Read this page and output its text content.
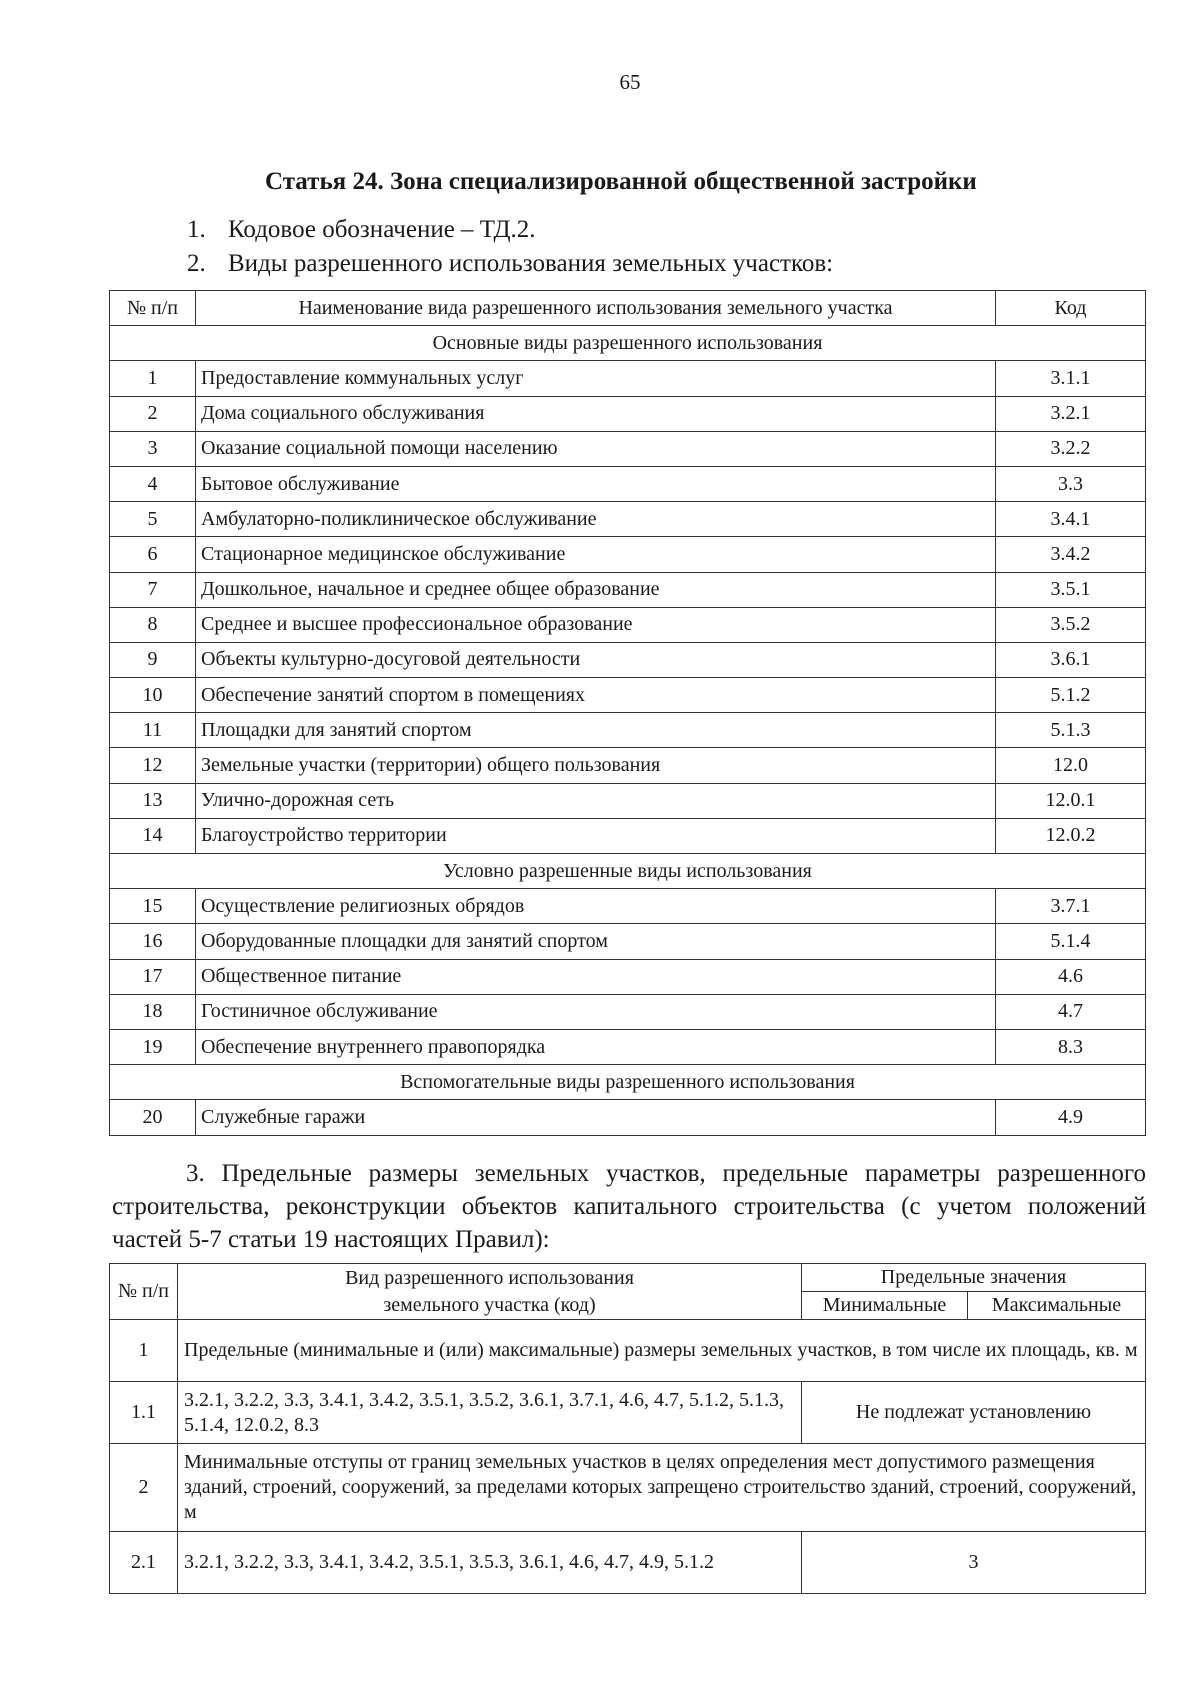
65
Статья 24. Зона специализированной общественной застройки
1. Кодовое обозначение – ТД.2.
2. Виды разрешенного использования земельных участков:
№ п/п	Наименование вида разрешенного использования земельного участка	Код
Основные виды разрешенного использования		
1	Предоставление коммунальных услуг	3.1.1
2	Дома социального обслуживания	3.2.1
3	Оказание социальной помощи населению	3.2.2
4	Бытовое обслуживание	3.3
5	Амбулаторно-поликлиническое обслуживание	3.4.1
6	Стационарное медицинское обслуживание	3.4.2
7	Дошкольное, начальное и среднее общее образование	3.5.1
8	Среднее и высшее профессиональное образование	3.5.2
9	Объекты культурно-досуговой деятельности	3.6.1
10	Обеспечение занятий спортом в помещениях	5.1.2
11	Площадки для занятий спортом	5.1.3
12	Земельные участки (территории) общего пользования	12.0
13	Улично-дорожная сеть	12.0.1
14	Благоустройство территории	12.0.2
Условно разрешенные виды использования		
15	Осуществление религиозных обрядов	3.7.1
16	Оборудованные площадки для занятий спортом	5.1.4
17	Общественное питание	4.6
18	Гостиничное обслуживание	4.7
19	Обеспечение внутреннего правопорядка	8.3
Вспомогательные виды разрешенного использования		
20	Служебные гаражи	4.9
3. Предельные размеры земельных участков, предельные параметры разрешенного строительства, реконструкции объектов капитального строительства (с учетом положений частей 5-7 статьи 19 настоящих Правил):
№ п/п	Вид разрешенного использования земельного участка (код)	Предельные значения	
		Минимальные	Максимальные
1	Предельные (минимальные и (или) максимальные) размеры земельных участков, в том числе их площадь, кв. м		
1.1	3.2.1, 3.2.2, 3.3, 3.4.1, 3.4.2, 3.5.1, 3.5.2, 3.6.1, 3.7.1, 4.6, 4.7, 5.1.2, 5.1.3, 5.1.4, 12.0.2, 8.3	Не подлежат установлению	
2	Минимальные отступы от границ земельных участков в целях определения мест допустимого размещения зданий, строений, сооружений, за пределами которых запрещено строительство зданий, строений, сооружений, м		
2.1	3.2.1, 3.2.2, 3.3, 3.4.1, 3.4.2, 3.5.1, 3.5.3, 3.6.1, 4.6, 4.7, 4.9, 5.1.2	3	
